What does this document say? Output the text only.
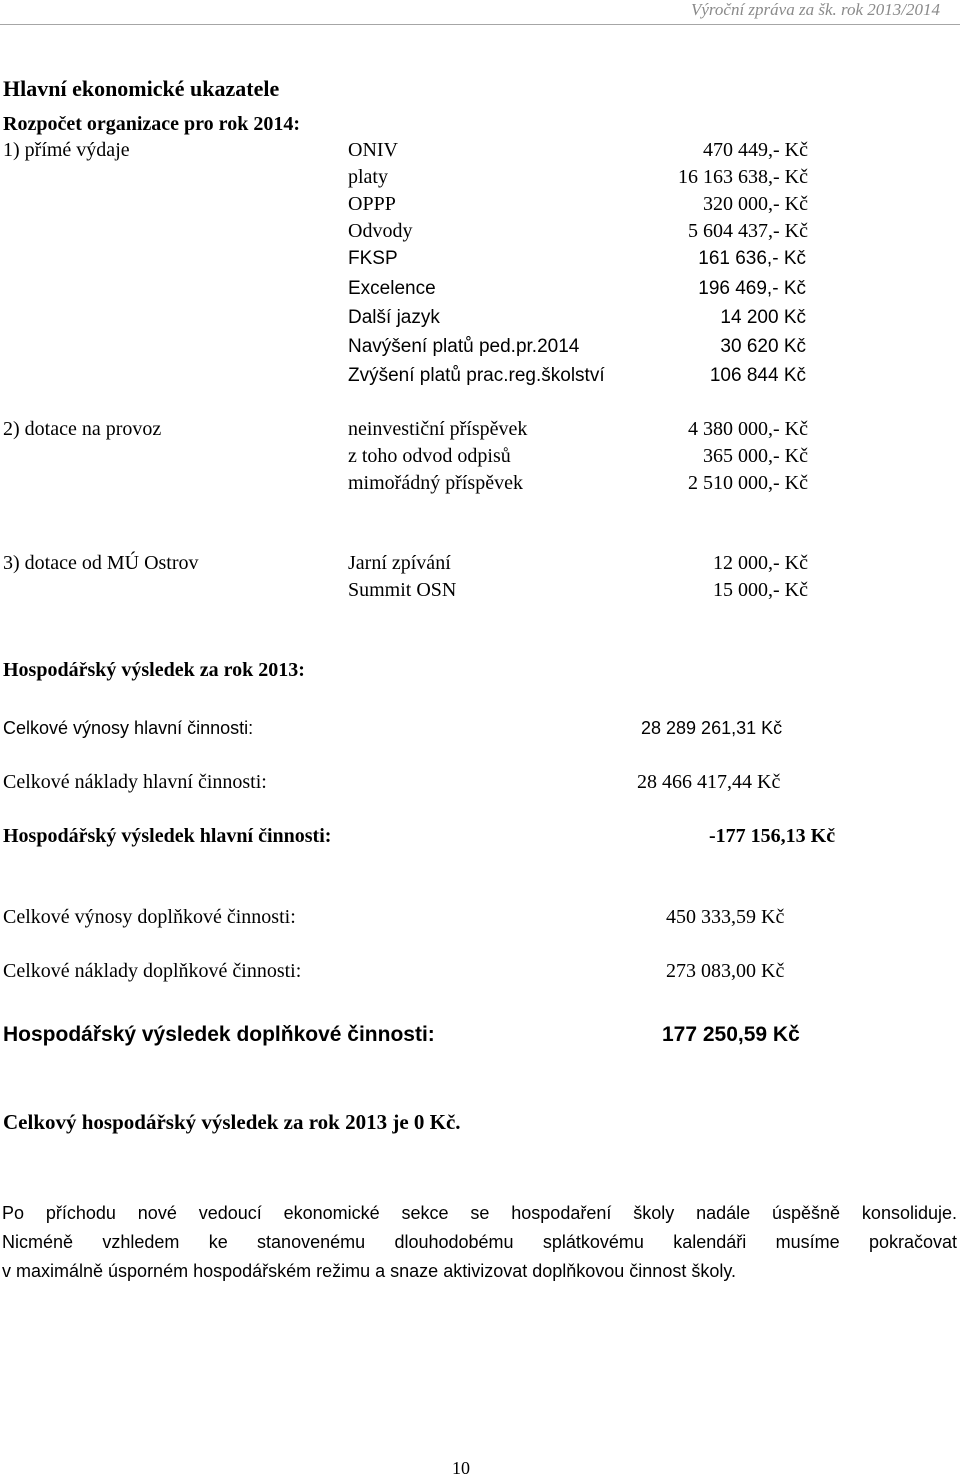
Výroční zpráva za šk. rok 2013/2014
Hlavní ekonomické ukazatele
Rozpočet organizace pro rok 2014:
1) přímé výdaje	ONIV	470 449,- Kč
platy	16 163 638,- Kč
OPPP	320 000,- Kč
Odvody	5 604 437,- Kč
FKSP	161 636,- Kč
Excelence	196 469,- Kč
Další jazyk	14 200 Kč
Navýšení platů ped.pr.2014	30 620 Kč
Zvýšení platů prac.reg.školství	106 844 Kč
2) dotace na provoz	neinvestiční příspěvek	4 380 000,- Kč
z toho odvod odpisů	365 000,- Kč
mimořádný příspěvek	2 510 000,- Kč
3) dotace od MÚ Ostrov	Jarní zpívání	12 000,- Kč
Summit OSN	15 000,- Kč
Hospodářský výsledek za rok 2013:
Celkové výnosy hlavní činnosti:	28 289 261,31 Kč
Celkové náklady hlavní činnosti:	28 466 417,44 Kč
Hospodářský výsledek hlavní činnosti:	-177 156,13 Kč
Celkové výnosy doplňkové činnosti:	450 333,59 Kč
Celkové náklady doplňkové činnosti:	273 083,00 Kč
Hospodářský výsledek doplňkové činnosti:	177 250,59 Kč
Celkový hospodářský výsledek za rok 2013 je 0 Kč.
Po příchodu nové vedoucí ekonomické sekce se hospodaření školy nadále úspěšně konsoliduje.
Nicméně vzhledem ke stanovenému dlouhodobému splátkovému kalendáři musíme pokračovat
v maximálně úsporném hospodářském režimu a snaze aktivizovat doplňkovou činnost školy.
10
